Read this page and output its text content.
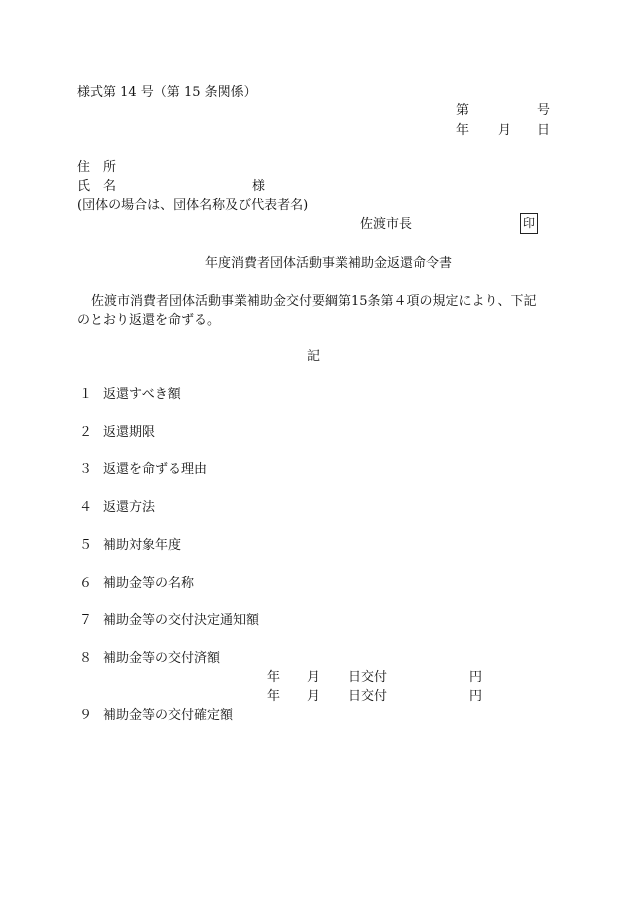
様式第 14 号（第 15 条関係）
第	号
年 月 日
住　所
氏　名	様
(団体の場合は、団体名称及び代表者名)
佐渡市長	印
年度消費者団体活動事業補助金返還命令書
佐渡市消費者団体活動事業補助金交付要綱第15条第４項の規定により、下記
のとおり返還を命ずる。
記
１ 返還すべき額
２ 返還期限
３ 返還を命ずる理由
４ 返還方法
５ 補助対象年度
６ 補助金等の名称
７ 補助金等の交付決定通知額
８ 補助金等の交付済額
年 月 日交付	円
年 月 日交付	円
９ 補助金等の交付確定額
